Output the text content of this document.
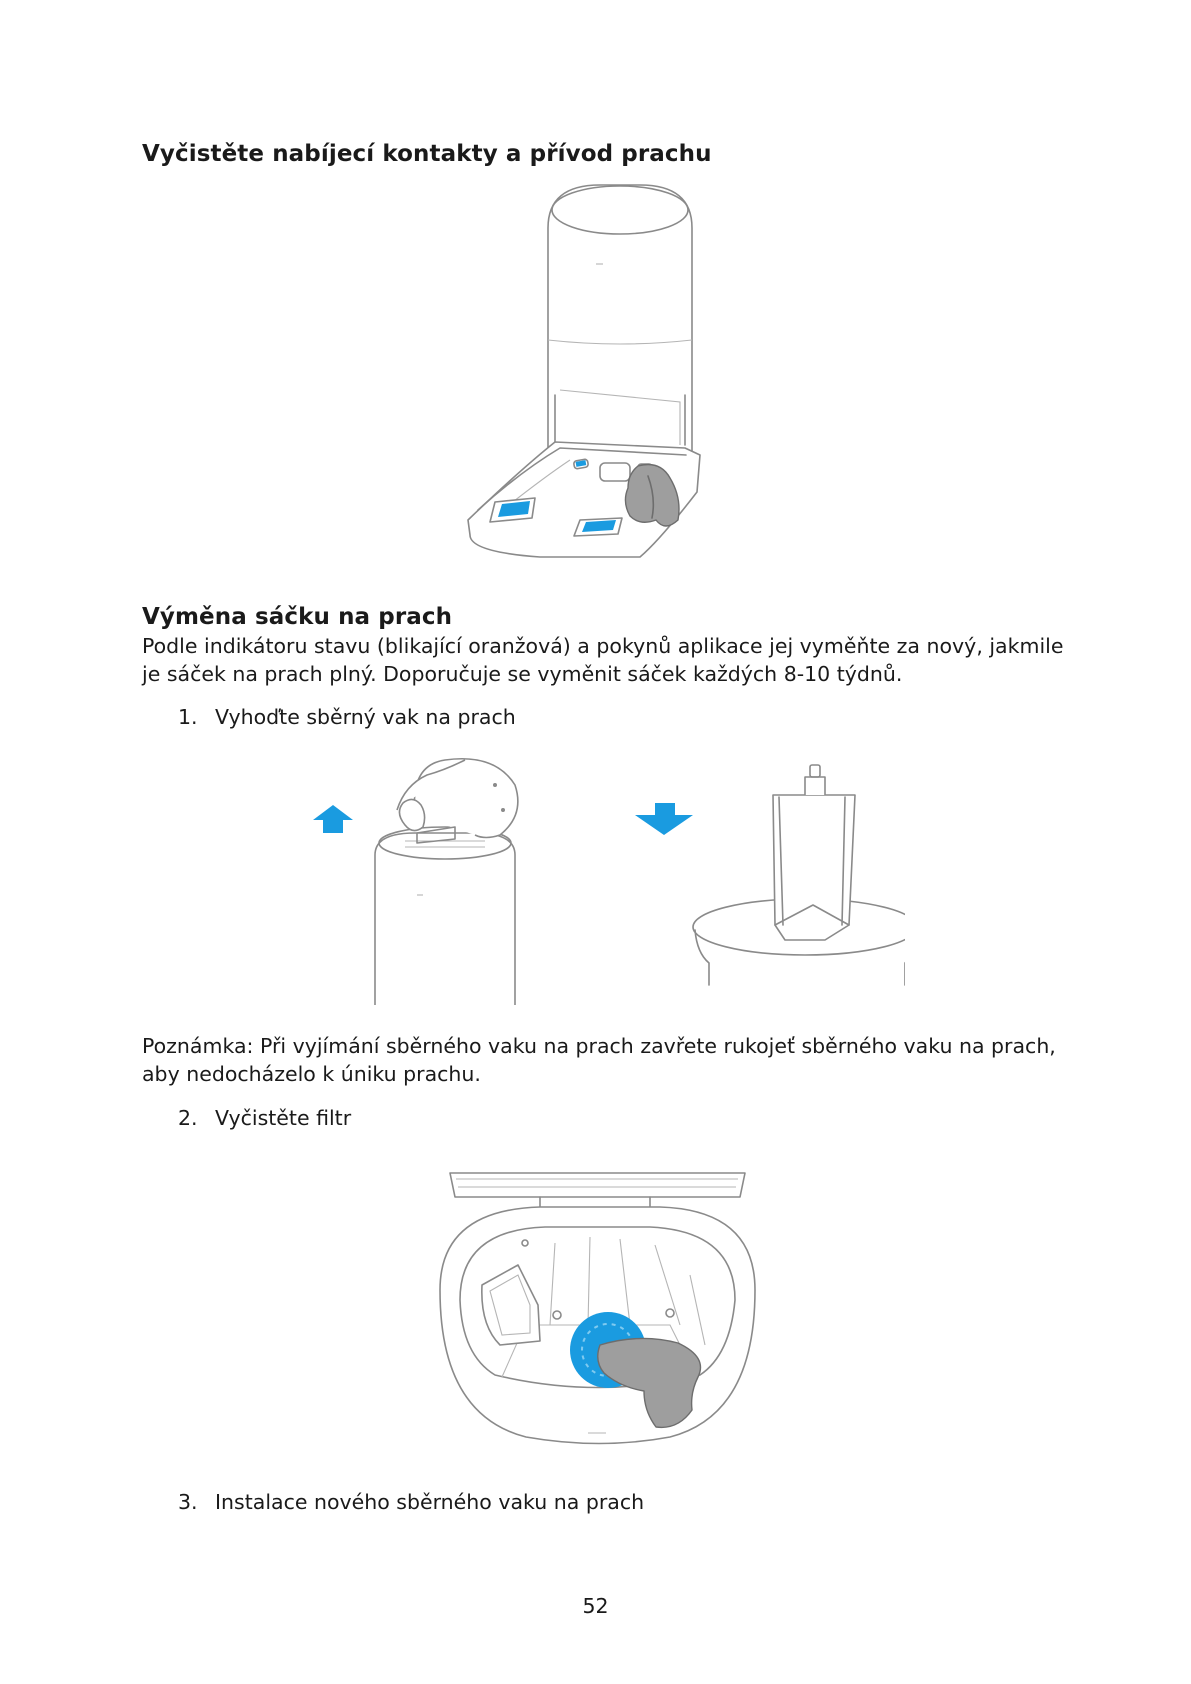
Vyčistěte nabíjecí kontakty a přívod prachu
Výměna sáčku na prach
Podle indikátoru stavu (blikající oranžová) a pokynů aplikace jej vyměňte za nový, jakmile
je sáček na prach plný. Doporučuje se vyměnit sáček každých 8-10 týdnů.
1. Vyhoďte sběrný vak na prach
Poznámka: Při vyjímání sběrného vaku na prach zavřete rukojeť sběrného vaku na prach,
aby nedocházelo k úniku prachu.
2. Vyčistěte filtr
3. Instalace nového sběrného vaku na prach
52
